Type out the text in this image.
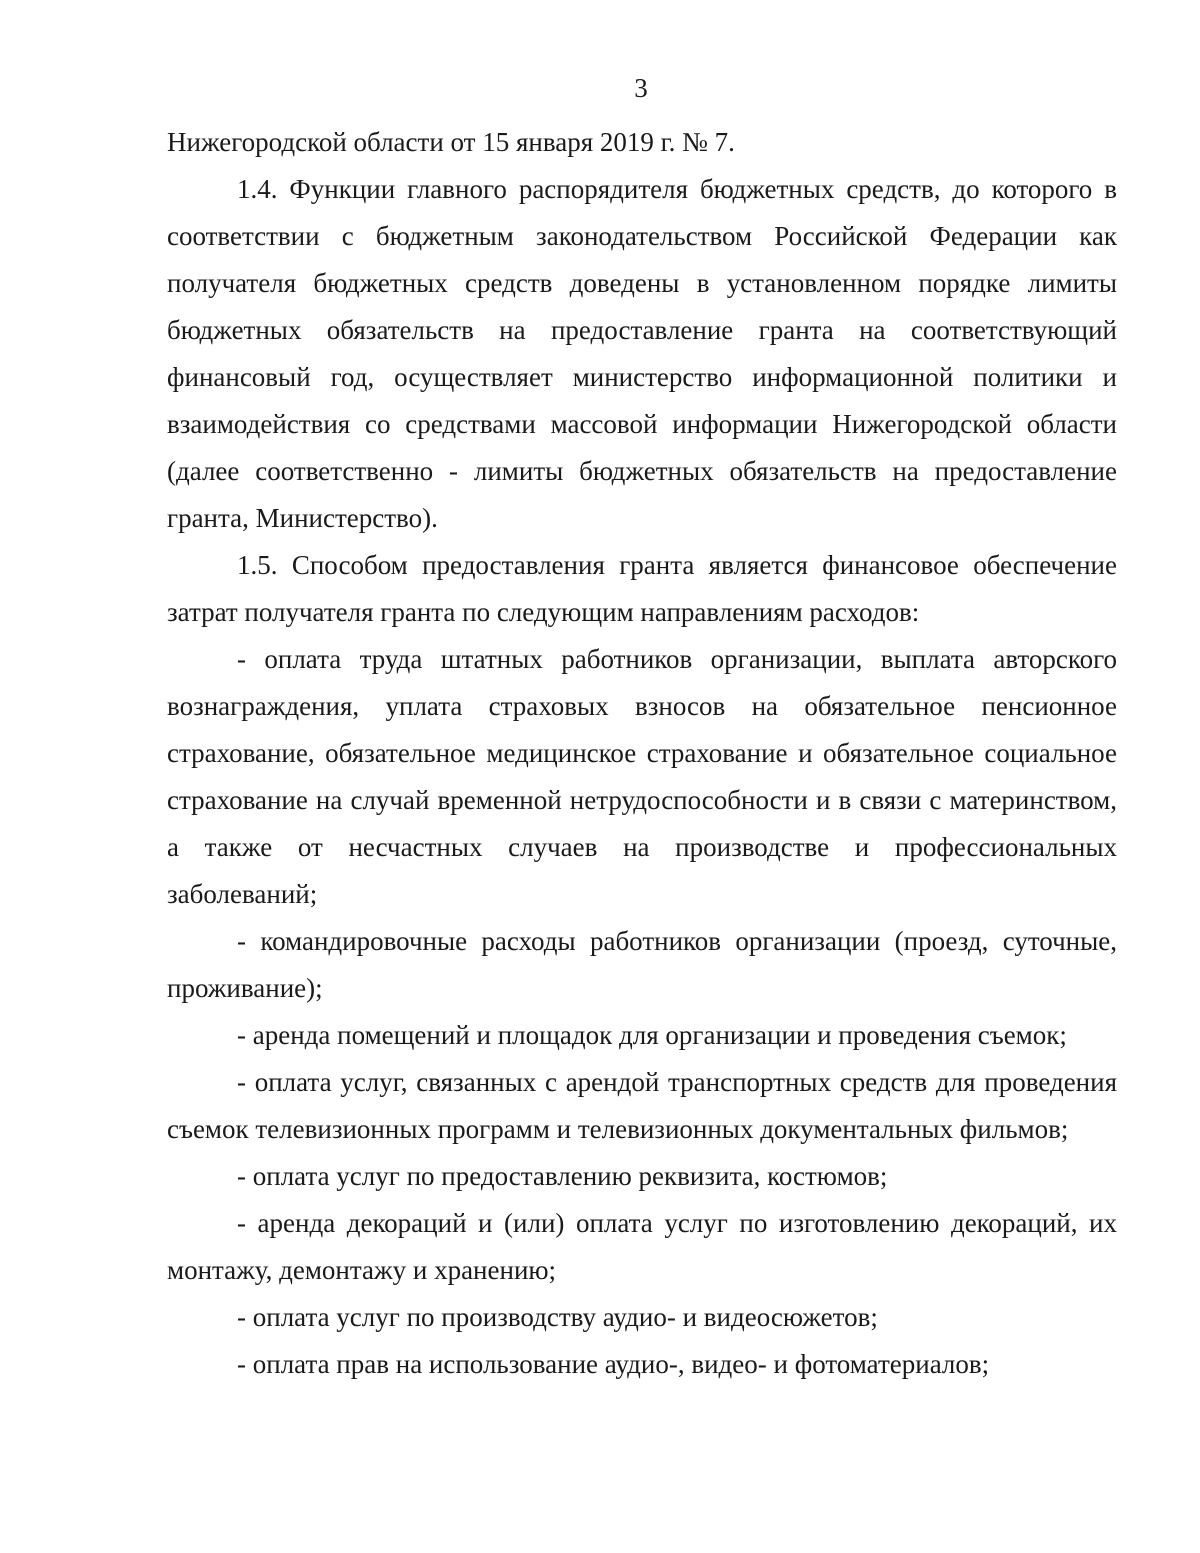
3

Нижегородской области от 15 января 2019 г. № 7.

1.4. Функции главного распорядителя бюджетных средств, до которого в соответствии с бюджетным законодательством Российской Федерации как получателя бюджетных средств доведены в установленном порядке лимиты бюджетных обязательств на предоставление гранта на соответствующий финансовый год, осуществляет министерство информационной политики и взаимодействия со средствами массовой информации Нижегородской области (далее соответственно - лимиты бюджетных обязательств на предоставление гранта, Министерство).

1.5. Способом предоставления гранта является финансовое обеспечение затрат получателя гранта по следующим направлениям расходов:

- оплата труда штатных работников организации, выплата авторского вознаграждения, уплата страховых взносов на обязательное пенсионное страхование, обязательное медицинское страхование и обязательное социальное страхование на случай временной нетрудоспособности и в связи с материнством, а также от несчастных случаев на производстве и профессиональных заболеваний;

- командировочные расходы работников организации (проезд, суточные, проживание);

- аренда помещений и площадок для организации и проведения съемок;

- оплата услуг, связанных с арендой транспортных средств для проведения съемок телевизионных программ и телевизионных документальных фильмов;

- оплата услуг по предоставлению реквизита, костюмов;

- аренда декораций и (или) оплата услуг по изготовлению декораций, их монтажу, демонтажу и хранению;

- оплата услуг по производству аудио- и видеосюжетов;

- оплата прав на использование аудио-, видео- и фотоматериалов;
